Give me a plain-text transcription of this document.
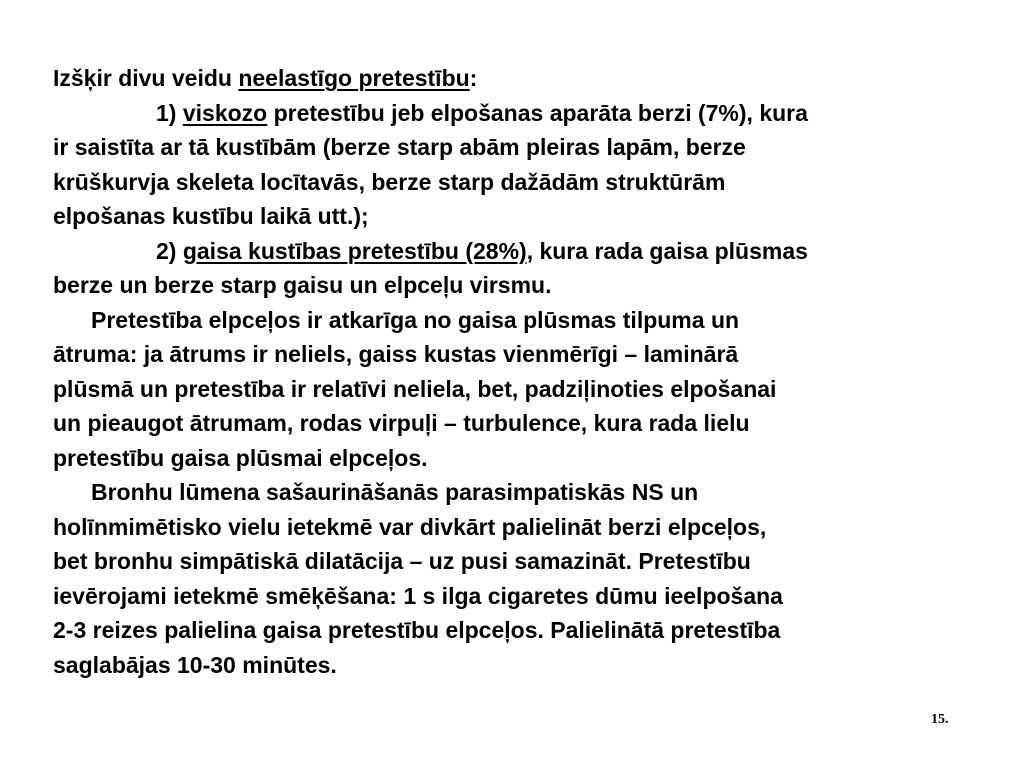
Izšķir divu veidu neelastīgo pretestību:
1) viskozo pretestību jeb elpošanas aparāta berzi (7%), kura
ir saistīta ar tā kustībām (berze starp abām pleiras lapām, berze
krūškurvja skeleta locītavās, berze starp dažādām struktūrām
elpošanas kustību laikā utt.);
2) gaisa kustības pretestību (28%), kura rada gaisa plūsmas
berze un berze starp gaisu un elpceļu virsmu.
Pretestība elpceļos ir atkarīga no gaisa plūsmas tilpuma un
ātruma: ja ātrums ir neliels, gaiss kustas vienmērīgi – laminārā
plūsmā un pretestība ir relatīvi neliela, bet, padziļinoties elpošanai
un pieaugot ātrumam, rodas virpuļi – turbulence, kura rada lielu
pretestību gaisa plūsmai elpceļos.
Bronhu lūmena sašaurināšanās parasimpatiskās NS un
holīnmimētisko vielu ietekmē var divkārt palielināt berzi elpceļos,
bet bronhu simpātiskā dilatācija – uz pusi samazināt. Pretestību
ievērojami ietekmē smēķēšana: 1 s ilga cigaretes dūmu ieelpošana
2-3 reizes palielina gaisa pretestību elpceļos. Palielinātā pretestība
saglabājas 10-30 minūtes.
15.
